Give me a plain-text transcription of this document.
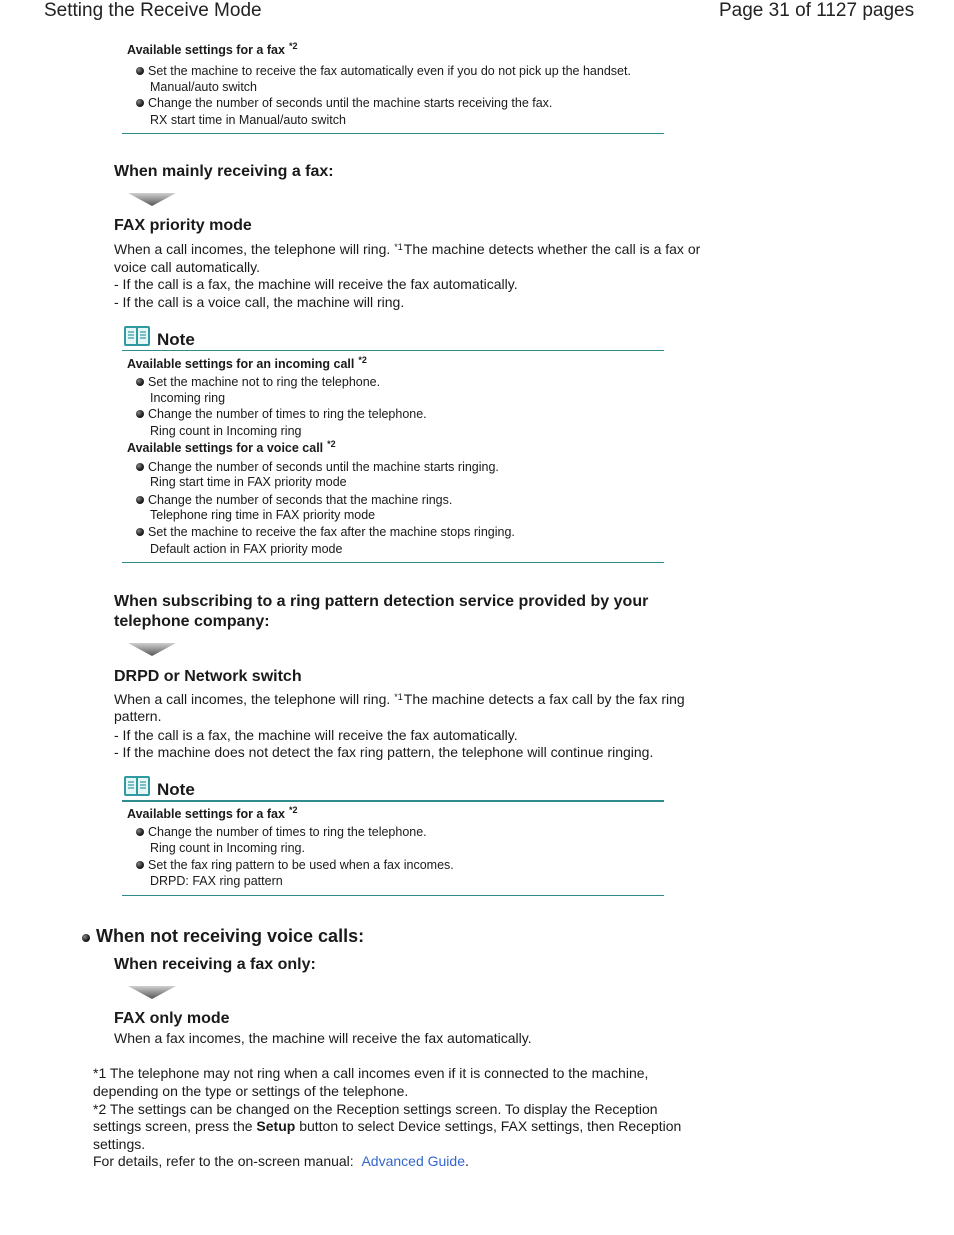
Setting the Receive Mode	Page 31 of 1127 pages
Available settings for a fax $^{*2}$
Set the machine to receive the fax automatically even if you do not pick up the handset.
Manual/auto switch
Change the number of seconds until the machine starts receiving the fax.
RX start time in Manual/auto switch
When mainly receiving a fax:
FAX priority mode
When a call incomes, the telephone will ring. $^{*1}$The machine detects whether the call is a fax or
voice call automatically.
- If the call is a fax, the machine will receive the fax automatically.
- If the call is a voice call, the machine will ring.
Note
Available settings for an incoming call $^{*2}$
Set the machine not to ring the telephone.
Incoming ring
Change the number of times to ring the telephone.
Ring count in Incoming ring
Available settings for a voice call $^{*2}$
Change the number of seconds until the machine starts ringing.
Ring start time in FAX priority mode
Change the number of seconds that the machine rings.
Telephone ring time in FAX priority mode
Set the machine to receive the fax after the machine stops ringing.
Default action in FAX priority mode
When subscribing to a ring pattern detection service provided by your
telephone company:
DRPD or Network switch
When a call incomes, the telephone will ring. $^{*1}$The machine detects a fax call by the fax ring
pattern.
- If the call is a fax, the machine will receive the fax automatically.
- If the machine does not detect the fax ring pattern, the telephone will continue ringing.
Note
Available settings for a fax $^{*2}$
Change the number of times to ring the telephone.
Ring count in Incoming ring.
Set the fax ring pattern to be used when a fax incomes.
DRPD: FAX ring pattern
When not receiving voice calls:
When receiving a fax only:
FAX only mode
When a fax incomes, the machine will receive the fax automatically.
*1 The telephone may not ring when a call incomes even if it is connected to the machine,
depending on the type or settings of the telephone.
*2 The settings can be changed on the Reception settings screen. To display the Reception
settings screen, press the Setup button to select Device settings, FAX settings, then Reception
settings.
For details, refer to the on-screen manual: Advanced Guide.
